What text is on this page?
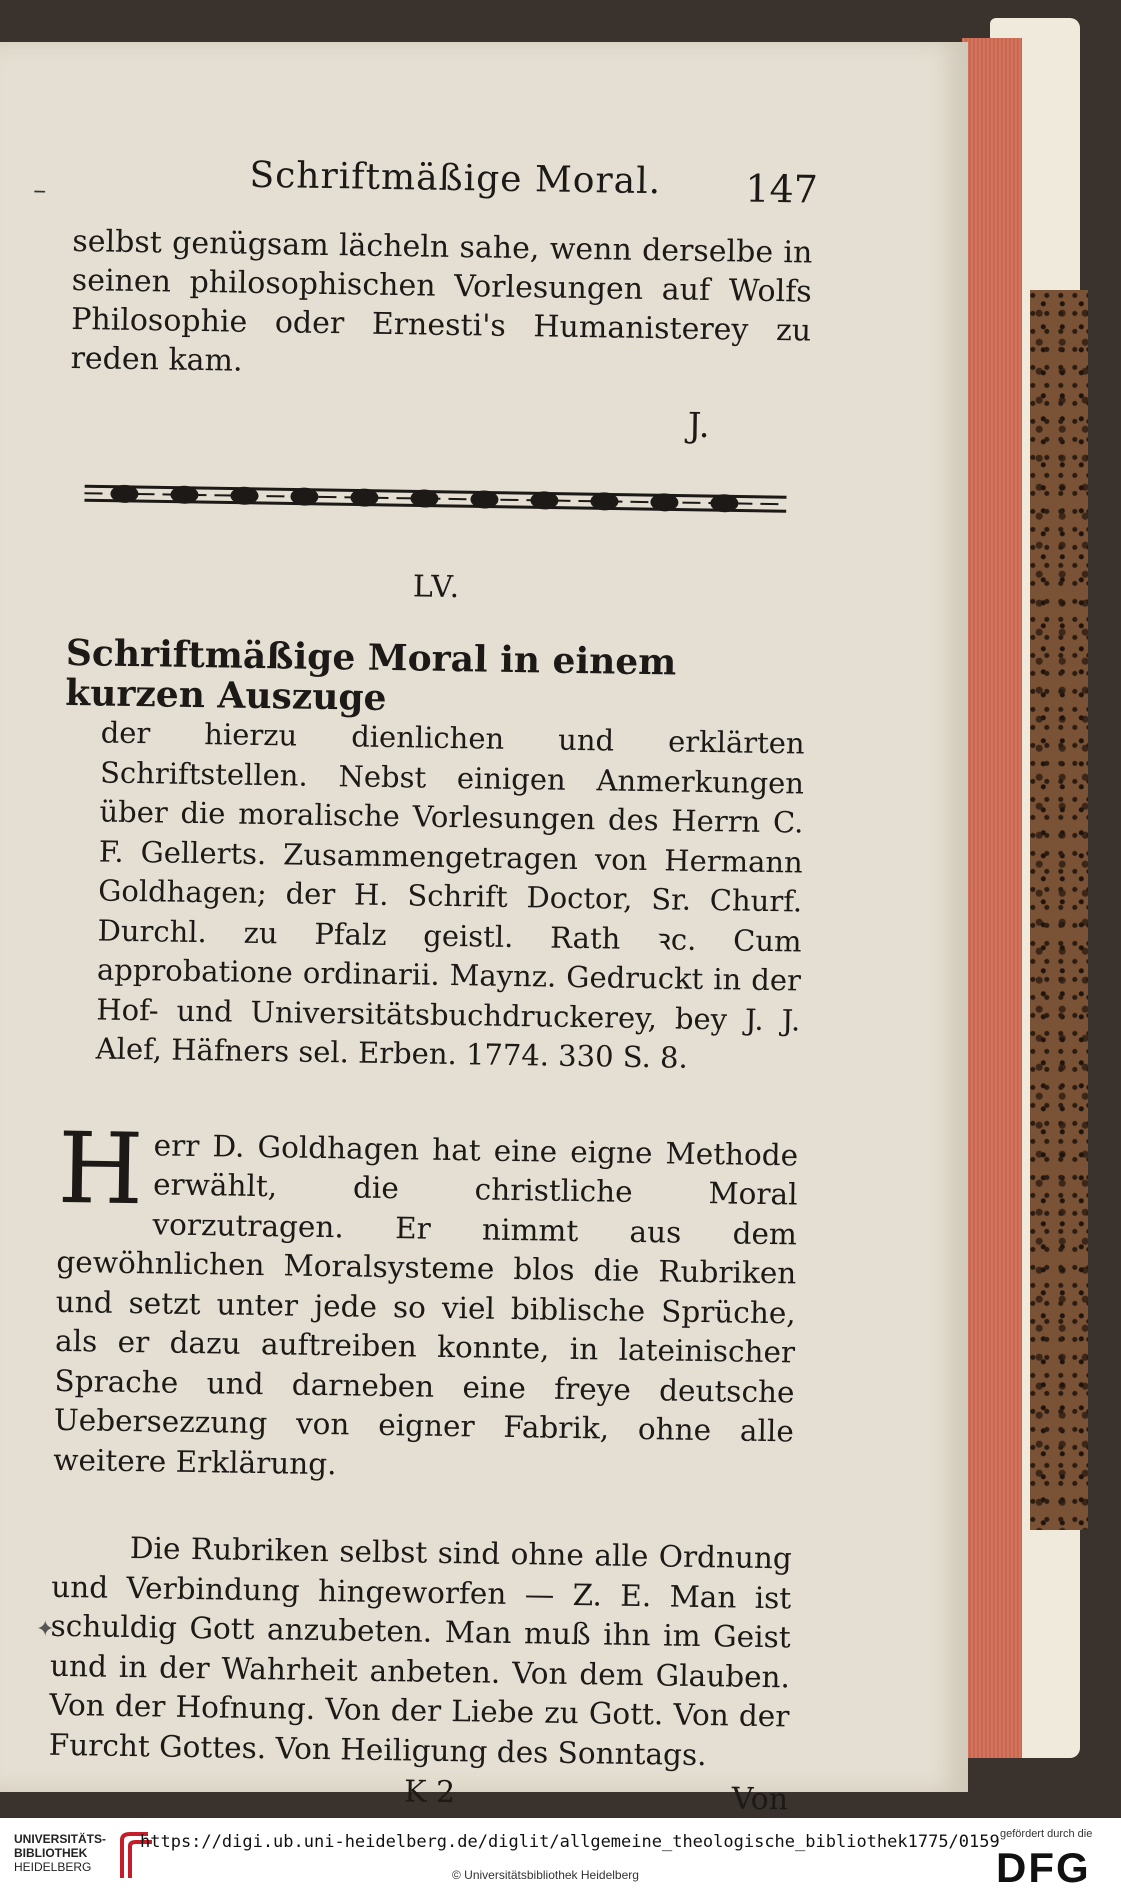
–	Schriftmäßige Moral. 147

selbst genügsam lächeln sahe, wenn derselbe in seinen philosophischen Vorlesungen auf Wolfs Philosophie oder Ernesti's Humanisterey zu reden kam.

J.
LV.

Schriftmäßige Moral in einem kurzen Auszuge

der hierzu dienlichen und erklärten Schriftstellen. Nebst einigen Anmerkungen über die moralische Vorlesungen des Herrn C. F. Gellerts. Zusammengetragen von Hermann Goldhagen; der H. Schrift Doctor, Sr. Churf. Durchl. zu Pfalz geistl. Rath ꝛc. Cum approbatione ordinarii. Maynz. Gedruckt in der Hof- und Universitätsbuchdruckerey, bey J. J. Alef, Häfners sel. Erben. 1774. 330 S. 8.

Herr D. Goldhagen hat eine eigne Methode erwählt, die christliche Moral vorzutragen. Er nimmt aus dem gewöhnlichen Moralsysteme blos die Rubriken und setzt unter jede so viel biblische Sprüche, als er dazu auftreiben konnte, in lateinischer Sprache und darneben eine freye deutsche Uebersezzung von eigner Fabrik, ohne alle weitere Erklärung.

Die Rubriken selbst sind ohne alle Ordnung und Verbindung hingeworfen — Z. E. Man ist schuldig Gott anzubeten. Man muß ihn im Geist und in der Wahrheit anbeten. Von dem Glauben. Von der Hofnung. Von der Liebe zu Gott. Von der Furcht Gottes. Von Heiligung des Sonntags.

K 2	Von
✦
UNIVERSITÄTS-
BIBLIOTHEK
HEIDELBERG
https://digi.ub.uni-heidelberg.de/diglit/allgemeine_theologische_bibliothek1775/0159
© Universitätsbibliothek Heidelberg
gefördert durch die
DFG
